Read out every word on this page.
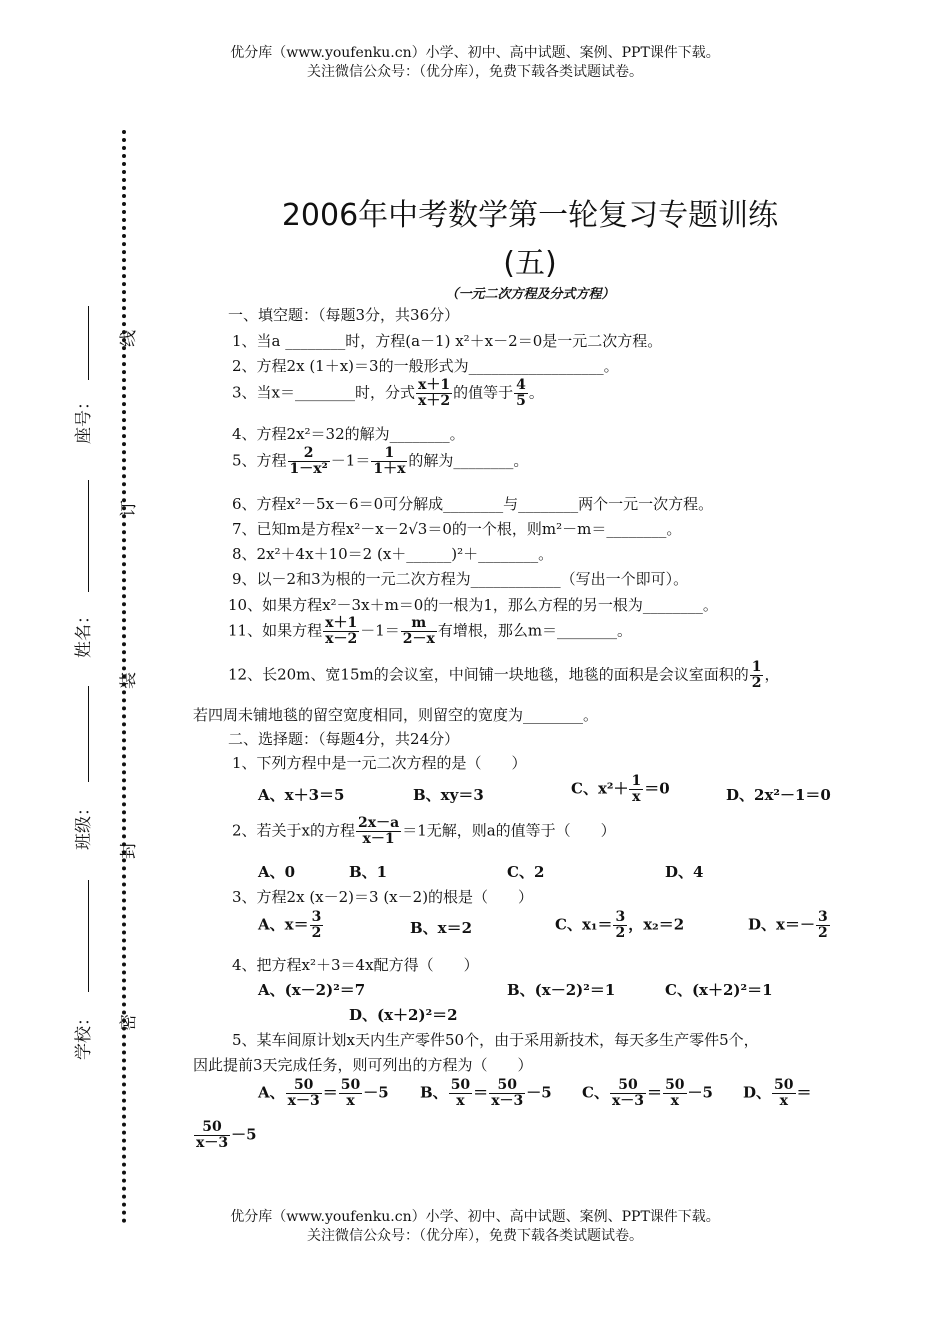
优分库（www.youfenku.cn）小学、初中、高中试题、案例、PPT课件下载。
关注微信公众号：（优分库），免费下载各类试题试卷。
线
订
装
封
密
座号：
姓名：
班级：
学校：
2006年中考数学第一轮复习专题训练
(五)
（一元二次方程及分式方程）
一、填空题：（每题3分，共36分）
1、当a ________时，方程(a－1) x²＋x－2＝0是一元二次方程。
2、方程2x (1＋x)＝3的一般形式为__________________。
3、当x＝________时，分式 $\frac{x+1}{x+2}$ 的值等于 $\frac{4}{5}$ 。
4、方程2x²＝32的解为________。
5、方程 $\frac{2}{\text{1－x²}} -1= \frac{1}{1+x}$ 的解为________。
6、方程x²－5x－6＝0可分解成________与________两个一元一次方程。
7、已知m是方程x²－x－2√3＝0的一个根，则m²－m＝________。
8、2x²＋4x＋10＝2 (x＋______)²＋________。
9、以－2和3为根的一元二次方程为____________（写出一个即可）。
10、如果方程x²－3x＋m＝0的一根为1，那么方程的另一根为________。
11、如果方程 $\frac{x+1}{x-2} -1= \frac{m}{2-x}$ 有增根，那么m＝________。
12、长20m、宽15m的会议室，中间铺一块地毯，地毯的面积是会议室面积的 $\frac{1}{2}$ ，
若四周未铺地毯的留空宽度相同，则留空的宽度为________。
二、选择题：（每题4分，共24分）
1、下列方程中是一元二次方程的是（　　）
A、x＋3＝5	B、xy＝3	C、$x^2+ \frac{1}{x} =0$	D、2x²－1＝0
2、若关于x的方程 $\frac{2x-a}{x-1} =1$无解，则a的值等于（　　）
A、0	B、1	C、2	D、4
3、方程2x (x－2)＝3 (x－2)的根是（　　）
A、$x= \frac{3}{2}$	B、x＝2	C、$x_1= \frac{3}{2}$ ，x₂＝2	D、$x=- \frac{3}{2}$
4、把方程x²＋3＝4x配方得（　　）
A、(x－2)²＝7	B、(x－2)²＝1	C、(x＋2)²＝1
D、(x＋2)²＝2
5、某车间原计划x天内生产零件50个，由于采用新技术，每天多生产零件5个，
因此提前3天完成任务，则可列出的方程为（　　）
A、 $\frac{50}{x-3} = \frac{50}{x} -5$ B、 $\frac{50}{x} = \frac{50}{x-3} -5$ C、 $\frac{50}{x-3} = \frac{50}{x} -5$ D、 $\frac{50}{x}$ ＝
$\frac{50}{x-3} -5$
优分库（www.youfenku.cn）小学、初中、高中试题、案例、PPT课件下载。
关注微信公众号：（优分库），免费下载各类试题试卷。
